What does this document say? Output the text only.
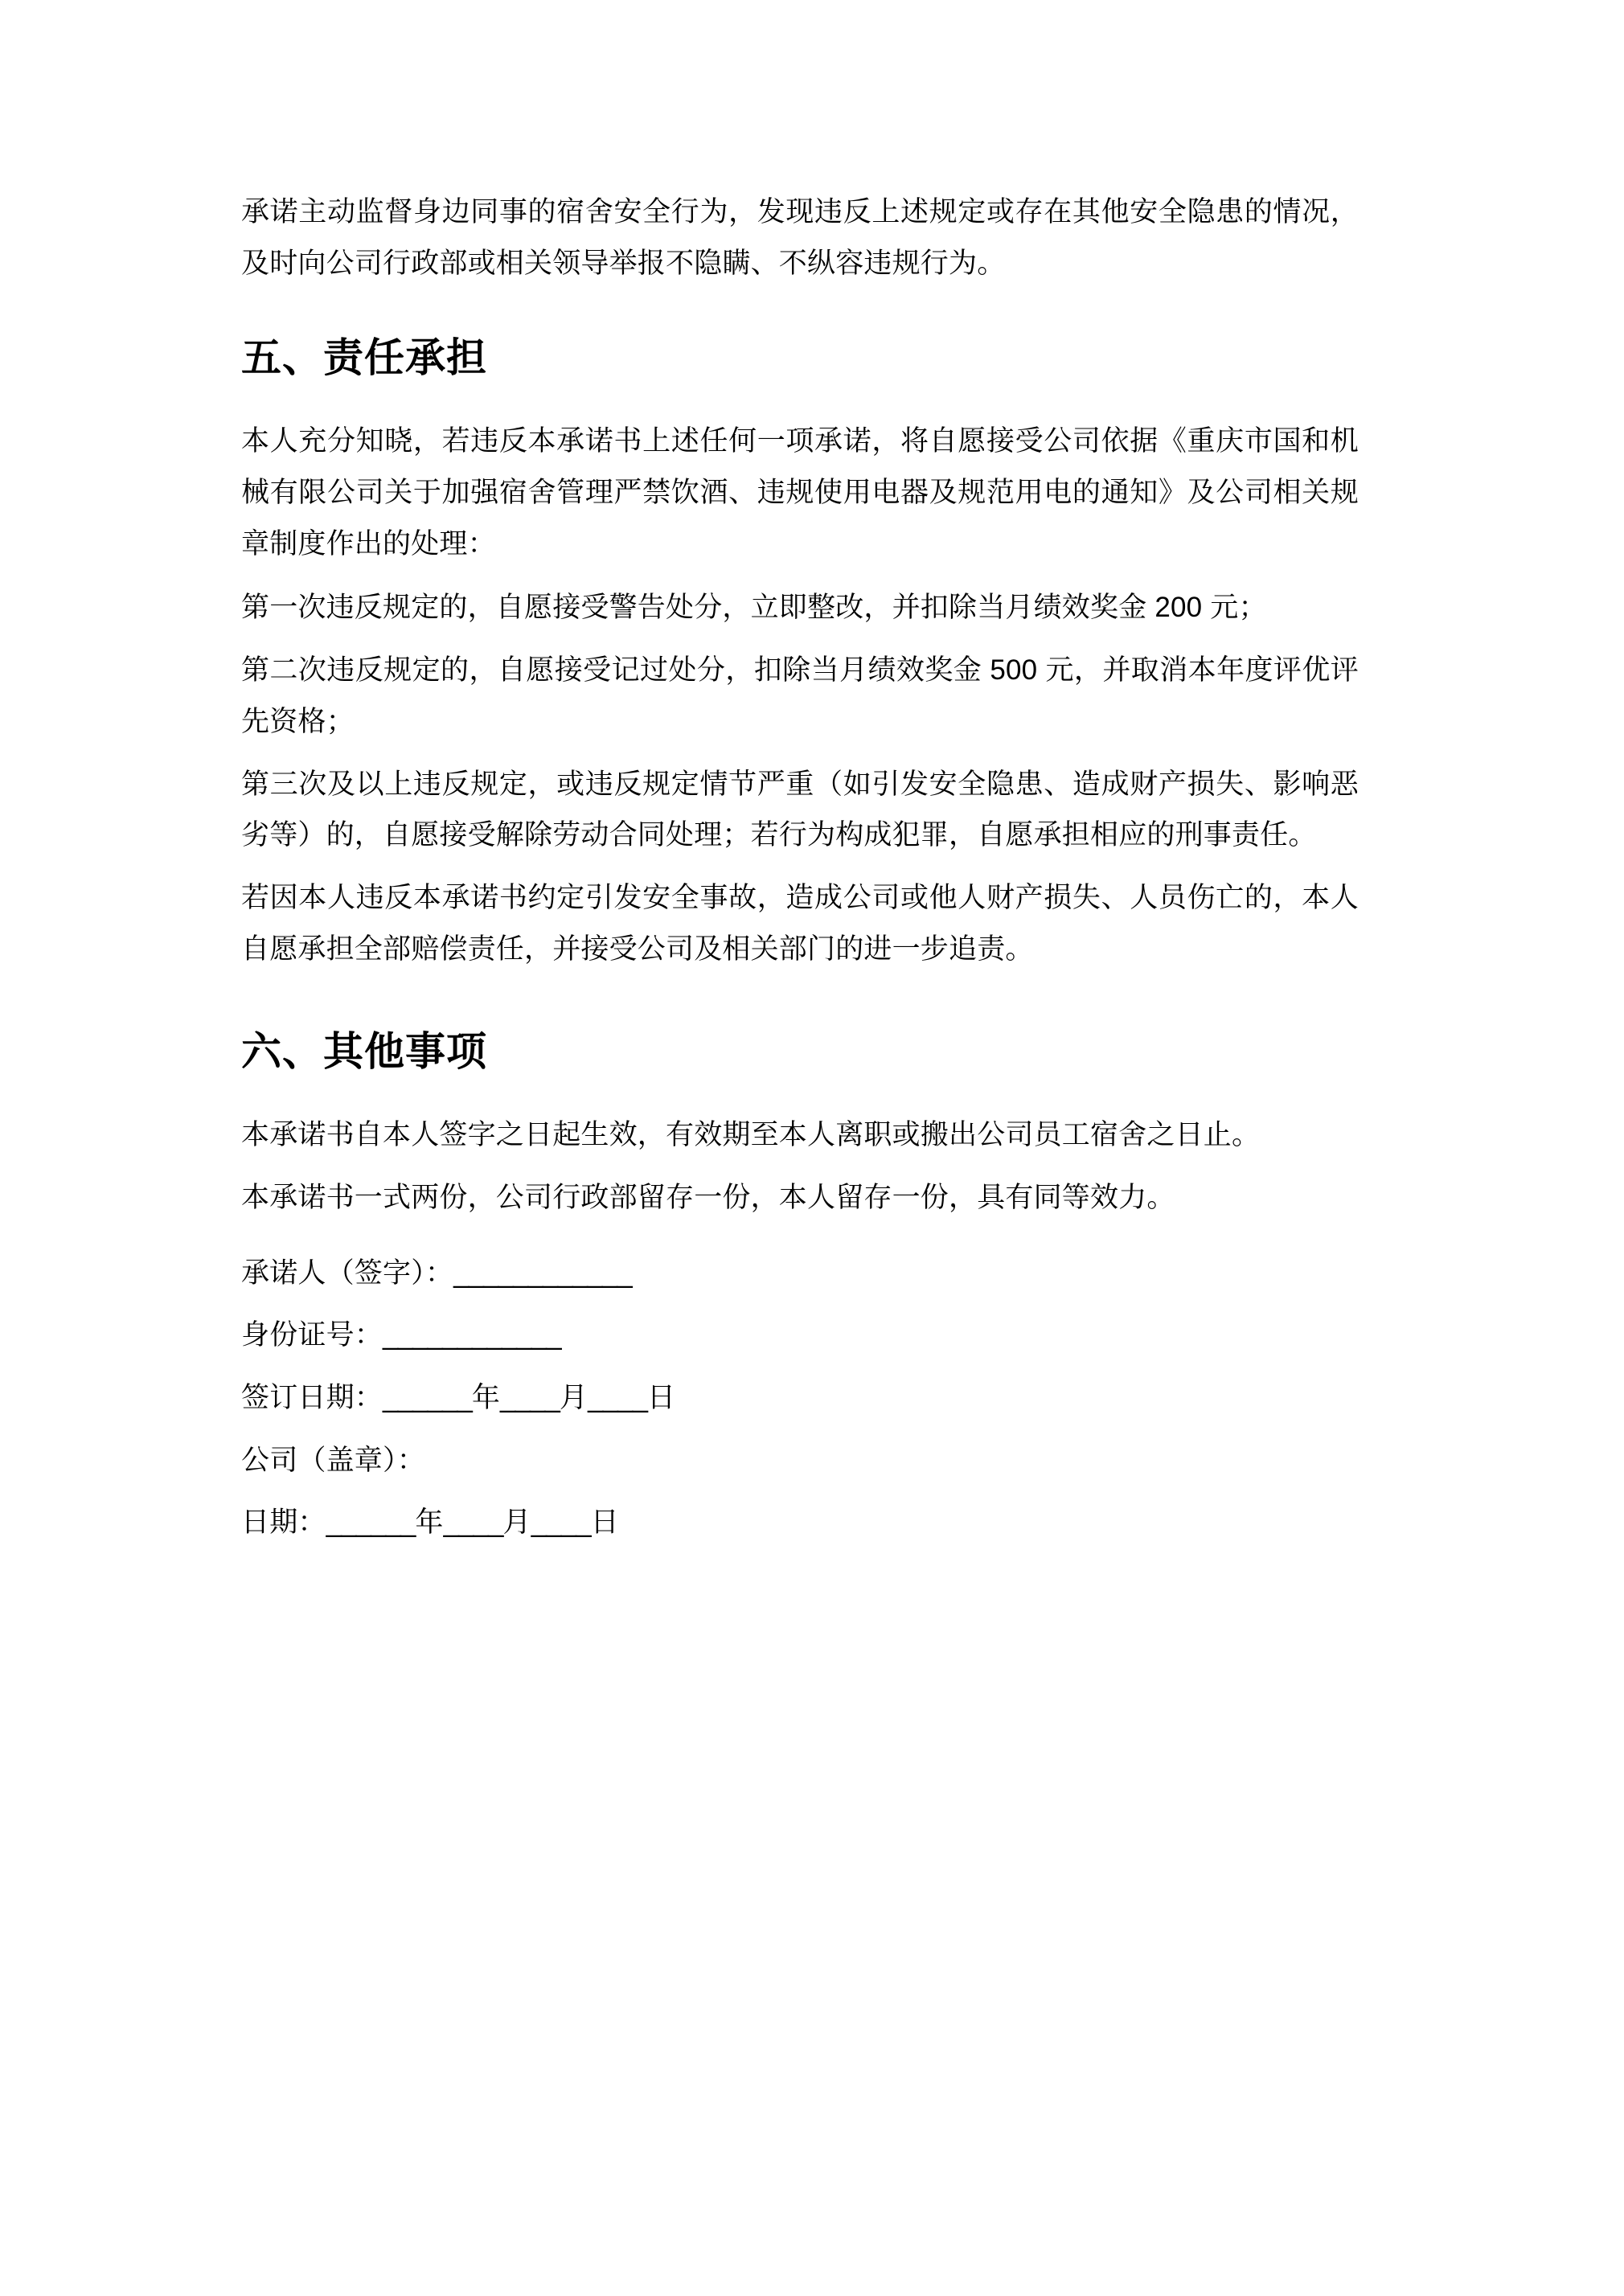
承诺主动监督身边同事的宿舍安全行为，发现违反上述规定或存在其他安全隐患的情况，及时向公司行政部或相关领导举报不隐瞒、不纵容违规行为。

五、责任承担

本人充分知晓，若违反本承诺书上述任何一项承诺，将自愿接受公司依据《重庆市国和机械有限公司关于加强宿舍管理严禁饮酒、违规使用电器及规范用电的通知》及公司相关规章制度作出的处理：

第一次违反规定的，自愿接受警告处分，立即整改，并扣除当月绩效奖金 200 元；

第二次违反规定的，自愿接受记过处分，扣除当月绩效奖金 500 元，并取消本年度评优评先资格；

第三次及以上违反规定，或违反规定情节严重（如引发安全隐患、造成财产损失、影响恶劣等）的，自愿接受解除劳动合同处理；若行为构成犯罪，自愿承担相应的刑事责任。

若因本人违反本承诺书约定引发安全事故，造成公司或他人财产损失、人员伤亡的，本人自愿承担全部赔偿责任，并接受公司及相关部门的进一步追责。

六、其他事项

本承诺书自本人签字之日起生效，有效期至本人离职或搬出公司员工宿舍之日止。

本承诺书一式两份，公司行政部留存一份，本人留存一份，具有同等效力。

承诺人（签字）：____________
身份证号：____________
签订日期：______年____月____日
公司（盖章）：
日期：______年____月____日
